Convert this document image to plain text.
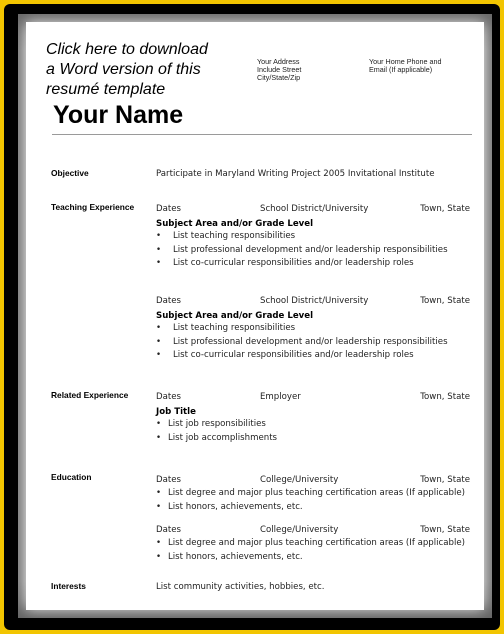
Click here to download
a Word version of this
resumé template
Your Address
Include Street
City/State/Zip
Your Home Phone and
Email (If applicable)
Your Name
Objective	Participate in Maryland Writing Project 2005 Invitational Institute
Teaching Experience	Dates	School District/University	Town, State
Subject Area and/or Grade Level
• List teaching responsibilities
• List professional development and/or leadership responsibilities
• List co-curricular responsibilities and/or leadership roles
Dates	School District/University	Town, State
Subject Area and/or Grade Level
• List teaching responsibilities
• List professional development and/or leadership responsibilities
• List co-curricular responsibilities and/or leadership roles
Related Experience	Dates	Employer	Town, State
Job Title
• List job responsibilities
• List job accomplishments
Education	Dates	College/University	Town, State
• List degree and major plus teaching certification areas (If applicable)
• List honors, achievements, etc.
Dates	College/University	Town, State
• List degree and major plus teaching certification areas (If applicable)
• List honors, achievements, etc.
Interests	List community activities, hobbies, etc.
